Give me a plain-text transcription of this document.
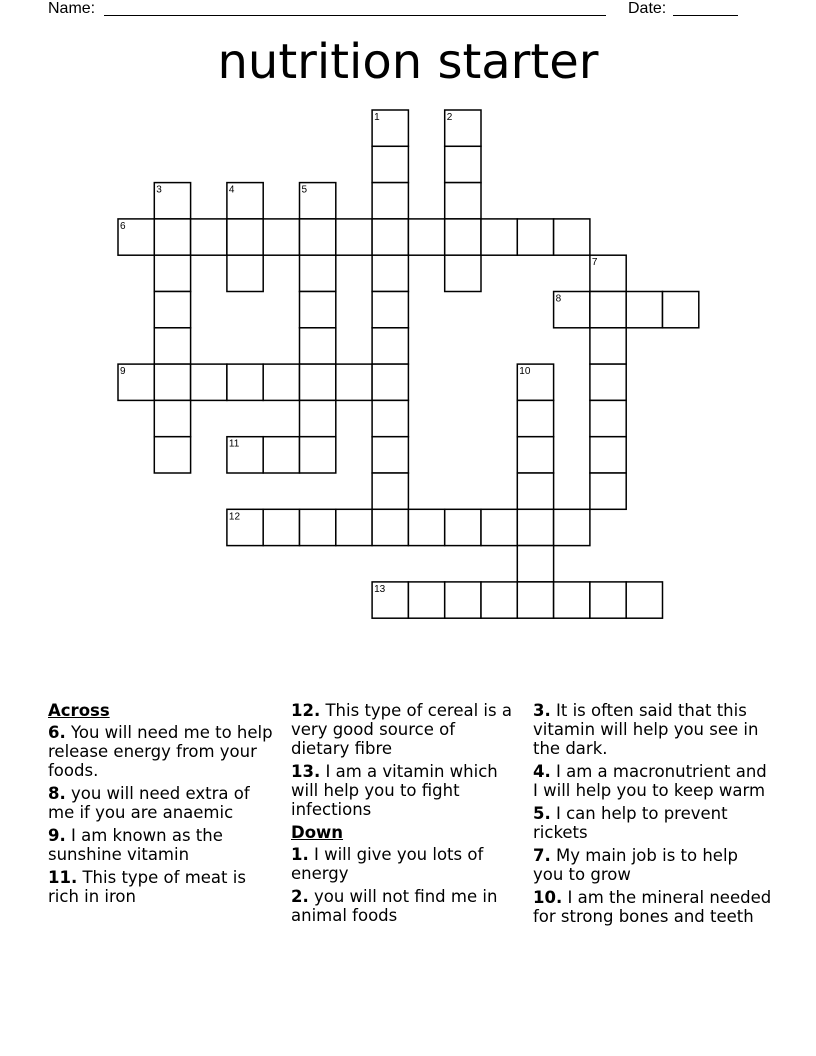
Name:	Date:
nutrition starter
1	2
3	4	5
6
7
8
9	10
11
12
13
Across
6. You will need me to help release energy from your foods.
8. you will need extra of me if you are anaemic
9. I am known as the sunshine vitamin
11. This type of meat is rich in iron
12. This type of cereal is a very good source of dietary fibre
13. I am a vitamin which will help you to fight infections
Down
1. I will give you lots of energy
2. you will not find me in animal foods
3. It is often said that this vitamin will help you see in the dark.
4. I am a macronutrient and I will help you to keep warm
5. I can help to prevent rickets
7. My main job is to help you to grow
10. I am the mineral needed for strong bones and teeth
